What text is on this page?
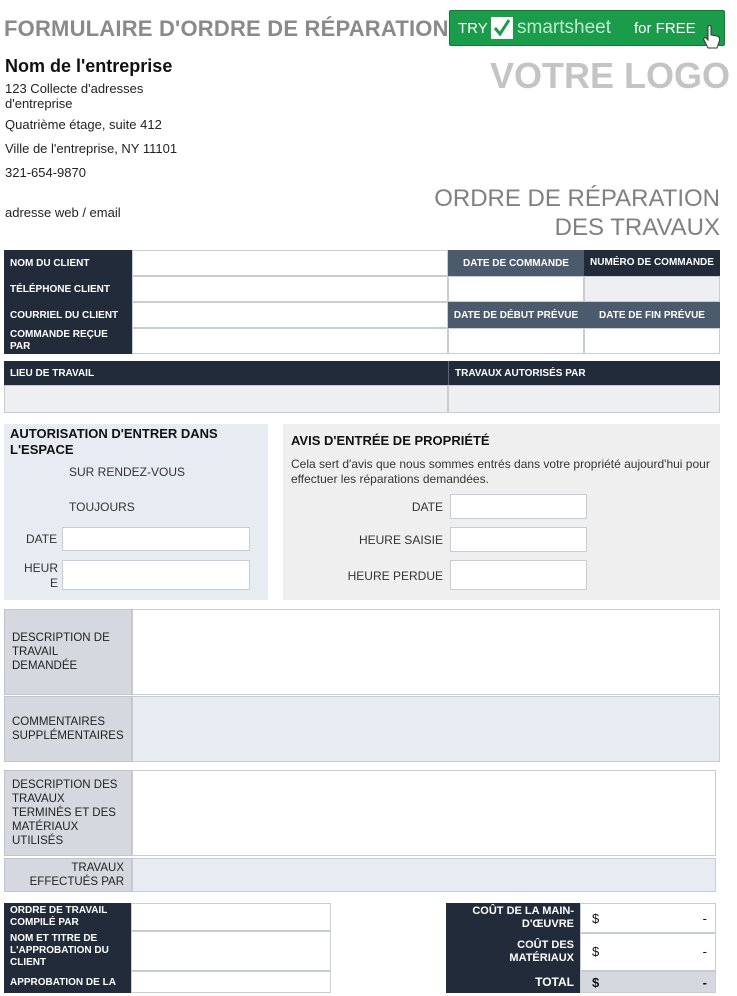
FORMULAIRE D'ORDRE DE RÉPARATION TRY smartsheet for FREE
Nom de l'entreprise
123 Collecte d'adresses d'entreprise
Quatrième étage, suite 412
Ville de l'entreprise, NY 11101
321-654-9870
adresse web / email
VOTRE LOGO
ORDRE DE RÉPARATION DES TRAVAUX
NOM DU CLIENT	DATE DE COMMANDE	NUMÉRO DE COMMANDE
TÉLÉPHONE CLIENT
COURRIEL DU CLIENT	DATE DE DÉBUT PRÉVUE	DATE DE FIN PRÉVUE
COMMANDE REÇUE PAR
LIEU DE TRAVAIL	TRAVAUX AUTORISÉS PAR
AUTORISATION D'ENTRER DANS L'ESPACE
SUR RENDEZ-VOUS
TOUJOURS
DATE
HEURE
AVIS D'ENTRÉE DE PROPRIÉTÉ
Cela sert d'avis que nous sommes entrés dans votre propriété aujourd'hui pour effectuer les réparations demandées.
DATE
HEURE SAISIE
HEURE PERDUE
DESCRIPTION DE TRAVAIL DEMANDÉE
COMMENTAIRES SUPPLÉMENTAIRES
DESCRIPTION DES TRAVAUX TERMINÉS ET DES MATÉRIAUX UTILISÉS
TRAVAUX EFFECTUÉS PAR
ORDRE DE TRAVAIL COMPILÉ PAR
NOM ET TITRE DE L'APPROBATION DU CLIENT
APPROBATION DE LA
COÛT DE LA MAIN-D'ŒUVRE	$	-
COÛT DES MATÉRIAUX	$	-
TOTAL	$	-
